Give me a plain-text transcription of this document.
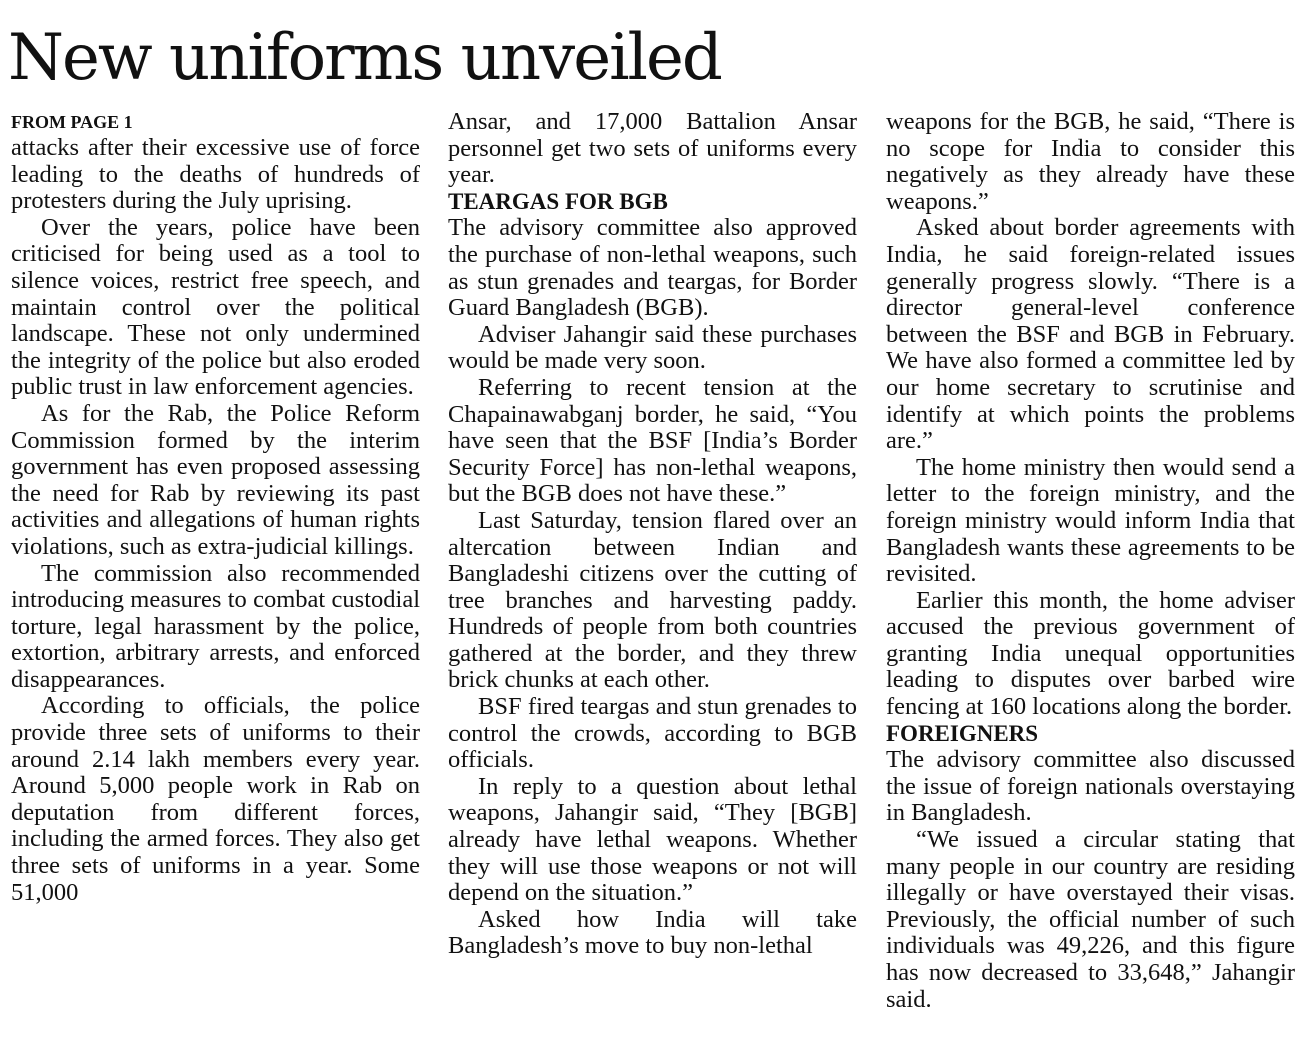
New uniforms unveiled
FROM PAGE 1

attacks after their excessive use of force leading to the deaths of hundreds of protesters during the July uprising.

Over the years, police have been criticised for being used as a tool to silence voices, restrict free speech, and maintain control over the political landscape. These not only undermined the integrity of the police but also eroded public trust in law enforcement agencies.

As for the Rab, the Police Reform Commission formed by the interim government has even proposed assessing the need for Rab by reviewing its past activities and allegations of human rights violations, such as extra-judicial killings.

The commission also recommended introducing measures to combat custodial torture, legal harassment by the police, extortion, arbitrary arrests, and enforced disappearances.

According to officials, the police provide three sets of uniforms to their around 2.14 lakh members every year. Around 5,000 people work in Rab on deputation from different forces, including the armed forces. They also get three sets of uniforms in a year. Some 51,000

Ansar, and 17,000 Battalion Ansar personnel get two sets of uniforms every year.

TEARGAS FOR BGB

The advisory committee also approved the purchase of non-lethal weapons, such as stun grenades and teargas, for Border Guard Bangladesh (BGB).

Adviser Jahangir said these purchases would be made very soon.

Referring to recent tension at the Chapainawabganj border, he said, “You have seen that the BSF [India’s Border Security Force] has non-lethal weapons, but the BGB does not have these.”

Last Saturday, tension flared over an altercation between Indian and Bangladeshi citizens over the cutting of tree branches and harvesting paddy. Hundreds of people from both countries gathered at the border, and they threw brick chunks at each other.

BSF fired teargas and stun grenades to control the crowds, according to BGB officials.

In reply to a question about lethal weapons, Jahangir said, “They [BGB] already have lethal weapons. Whether they will use those weapons or not will depend on the situation.”

Asked how India will take Bangladesh’s move to buy non-lethal

weapons for the BGB, he said, “There is no scope for India to consider this negatively as they already have these weapons.”

Asked about border agreements with India, he said foreign-related issues generally progress slowly. “There is a director general-level conference between the BSF and BGB in February. We have also formed a committee led by our home secretary to scrutinise and identify at which points the problems are.”

The home ministry then would send a letter to the foreign ministry, and the foreign ministry would inform India that Bangladesh wants these agreements to be revisited.

Earlier this month, the home adviser accused the previous government of granting India unequal opportunities leading to disputes over barbed wire fencing at 160 locations along the border.

FOREIGNERS

The advisory committee also discussed the issue of foreign nationals overstaying in Bangladesh.

“We issued a circular stating that many people in our country are residing illegally or have overstayed their visas. Previously, the official number of such individuals was 49,226, and this figure has now decreased to 33,648,” Jahangir said.
